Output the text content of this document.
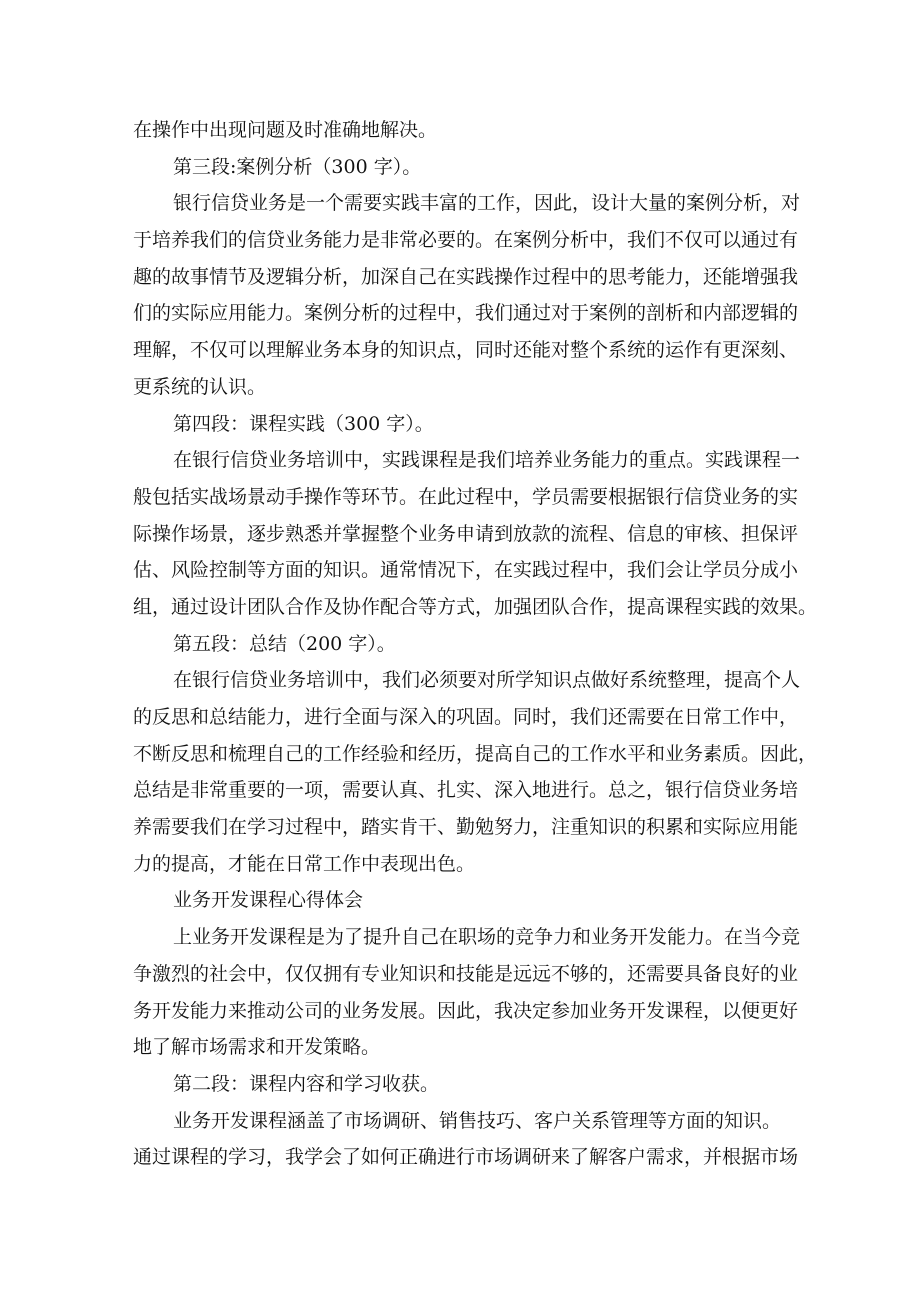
在操作中出现问题及时准确地解决。
第三段:案例分析（300 字）。
银行信贷业务是一个需要实践丰富的工作，因此，设计大量的案例分析，对
于培养我们的信贷业务能力是非常必要的。在案例分析中，我们不仅可以通过有
趣的故事情节及逻辑分析，加深自己在实践操作过程中的思考能力，还能增强我
们的实际应用能力。案例分析的过程中，我们通过对于案例的剖析和内部逻辑的
理解，不仅可以理解业务本身的知识点，同时还能对整个系统的运作有更深刻、
更系统的认识。
第四段：课程实践（300 字）。
在银行信贷业务培训中，实践课程是我们培养业务能力的重点。实践课程一
般包括实战场景动手操作等环节。在此过程中，学员需要根据银行信贷业务的实
际操作场景，逐步熟悉并掌握整个业务申请到放款的流程、信息的审核、担保评
估、风险控制等方面的知识。通常情况下，在实践过程中，我们会让学员分成小
组，通过设计团队合作及协作配合等方式，加强团队合作，提高课程实践的效果。
第五段：总结（200 字）。
在银行信贷业务培训中，我们必须要对所学知识点做好系统整理，提高个人
的反思和总结能力，进行全面与深入的巩固。同时，我们还需要在日常工作中，
不断反思和梳理自己的工作经验和经历，提高自己的工作水平和业务素质。因此，
总结是非常重要的一项，需要认真、扎实、深入地进行。总之，银行信贷业务培
养需要我们在学习过程中，踏实肯干、勤勉努力，注重知识的积累和实际应用能
力的提高，才能在日常工作中表现出色。
业务开发课程心得体会
上业务开发课程是为了提升自己在职场的竞争力和业务开发能力。在当今竞
争激烈的社会中，仅仅拥有专业知识和技能是远远不够的，还需要具备良好的业
务开发能力来推动公司的业务发展。因此，我决定参加业务开发课程，以便更好
地了解市场需求和开发策略。
第二段：课程内容和学习收获。
业务开发课程涵盖了市场调研、销售技巧、客户关系管理等方面的知识。
通过课程的学习，我学会了如何正确进行市场调研来了解客户需求，并根据市场
